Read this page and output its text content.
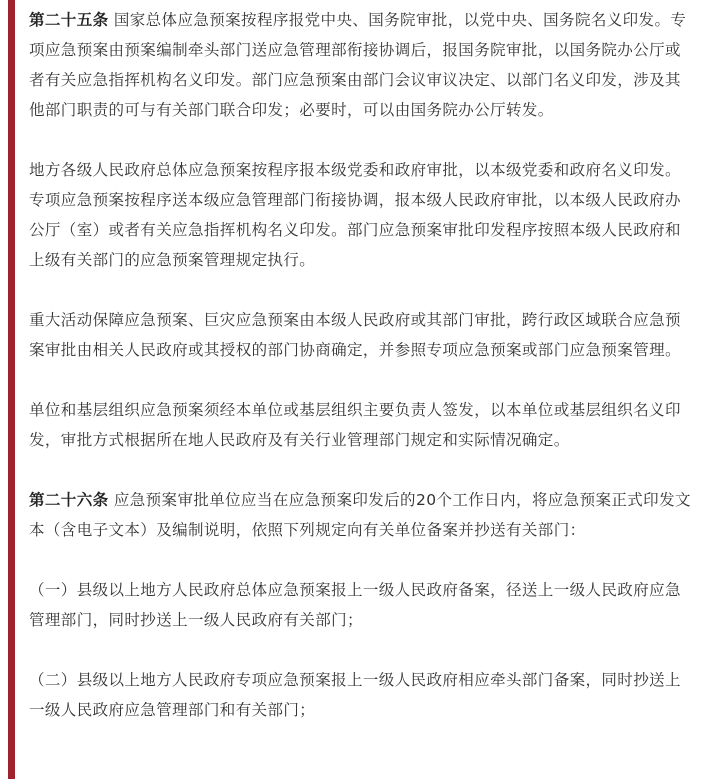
第二十五条 国家总体应急预案按程序报党中央、国务院审批，以党中央、国务院名义印发。专项应急预案由预案编制牵头部门送应急管理部衔接协调后，报国务院审批，以国务院办公厅或者有关应急指挥机构名义印发。部门应急预案由部门会议审议决定、以部门名义印发，涉及其他部门职责的可与有关部门联合印发；必要时，可以由国务院办公厅转发。

地方各级人民政府总体应急预案按程序报本级党委和政府审批，以本级党委和政府名义印发。专项应急预案按程序送本级应急管理部门衔接协调，报本级人民政府审批，以本级人民政府办公厅（室）或者有关应急指挥机构名义印发。部门应急预案审批印发程序按照本级人民政府和上级有关部门的应急预案管理规定执行。

重大活动保障应急预案、巨灾应急预案由本级人民政府或其部门审批，跨行政区域联合应急预案审批由相关人民政府或其授权的部门协商确定，并参照专项应急预案或部门应急预案管理。

单位和基层组织应急预案须经本单位或基层组织主要负责人签发，以本单位或基层组织名义印发，审批方式根据所在地人民政府及有关行业管理部门规定和实际情况确定。

第二十六条 应急预案审批单位应当在应急预案印发后的20个工作日内，将应急预案正式印发文本（含电子文本）及编制说明，依照下列规定向有关单位备案并抄送有关部门：

（一）县级以上地方人民政府总体应急预案报上一级人民政府备案，径送上一级人民政府应急管理部门，同时抄送上一级人民政府有关部门；

（二）县级以上地方人民政府专项应急预案报上一级人民政府相应牵头部门备案，同时抄送上一级人民政府应急管理部门和有关部门；
